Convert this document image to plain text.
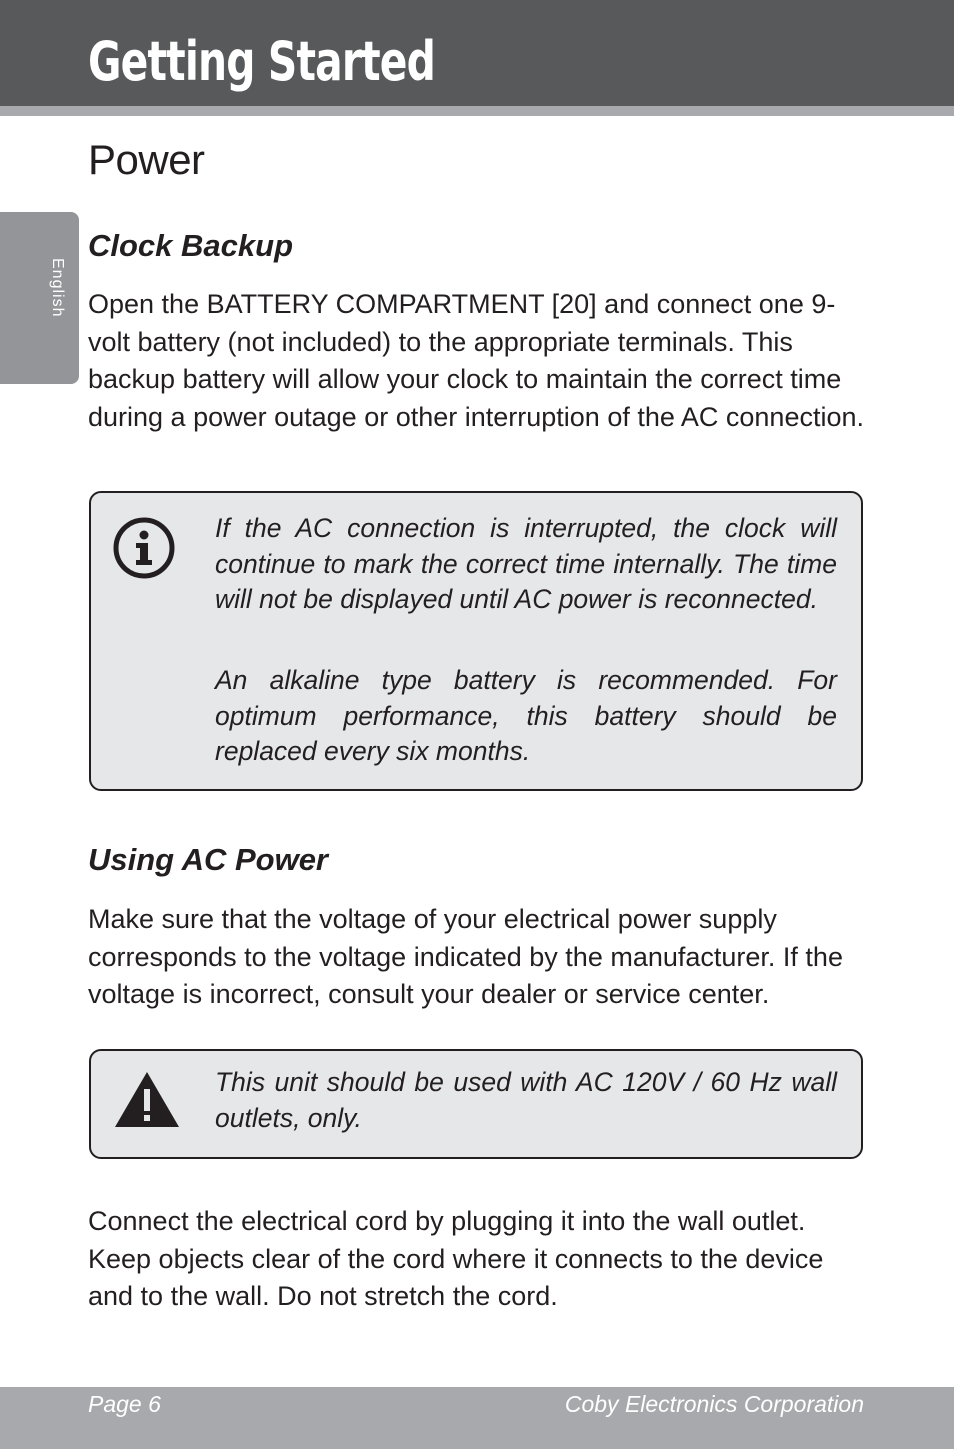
Getting Started
English
Power
Clock Backup

Open the BATTERY COMPARTMENT [20] and connect one 9-volt battery (not included) to the appropriate terminals. This backup battery will allow your clock to maintain the correct time during a power outage or other interruption of the AC connection.

If the AC connection is interrupted, the clock will continue to mark the correct time internally. The time will not be displayed until AC power is reconnected.

An alkaline type battery is recommended. For optimum performance, this battery should be replaced every six months.

Using AC Power

Make sure that the voltage of your electrical power supply corresponds to the voltage indicated by the manufacturer. If the voltage is incorrect, consult your dealer or service center.

This unit should be used with AC 120V / 60 Hz wall outlets, only.

Connect the electrical cord by plugging it into the wall outlet. Keep objects clear of the cord where it connects to the device and to the wall. Do not stretch the cord.

Page 6	Coby Electronics Corporation
